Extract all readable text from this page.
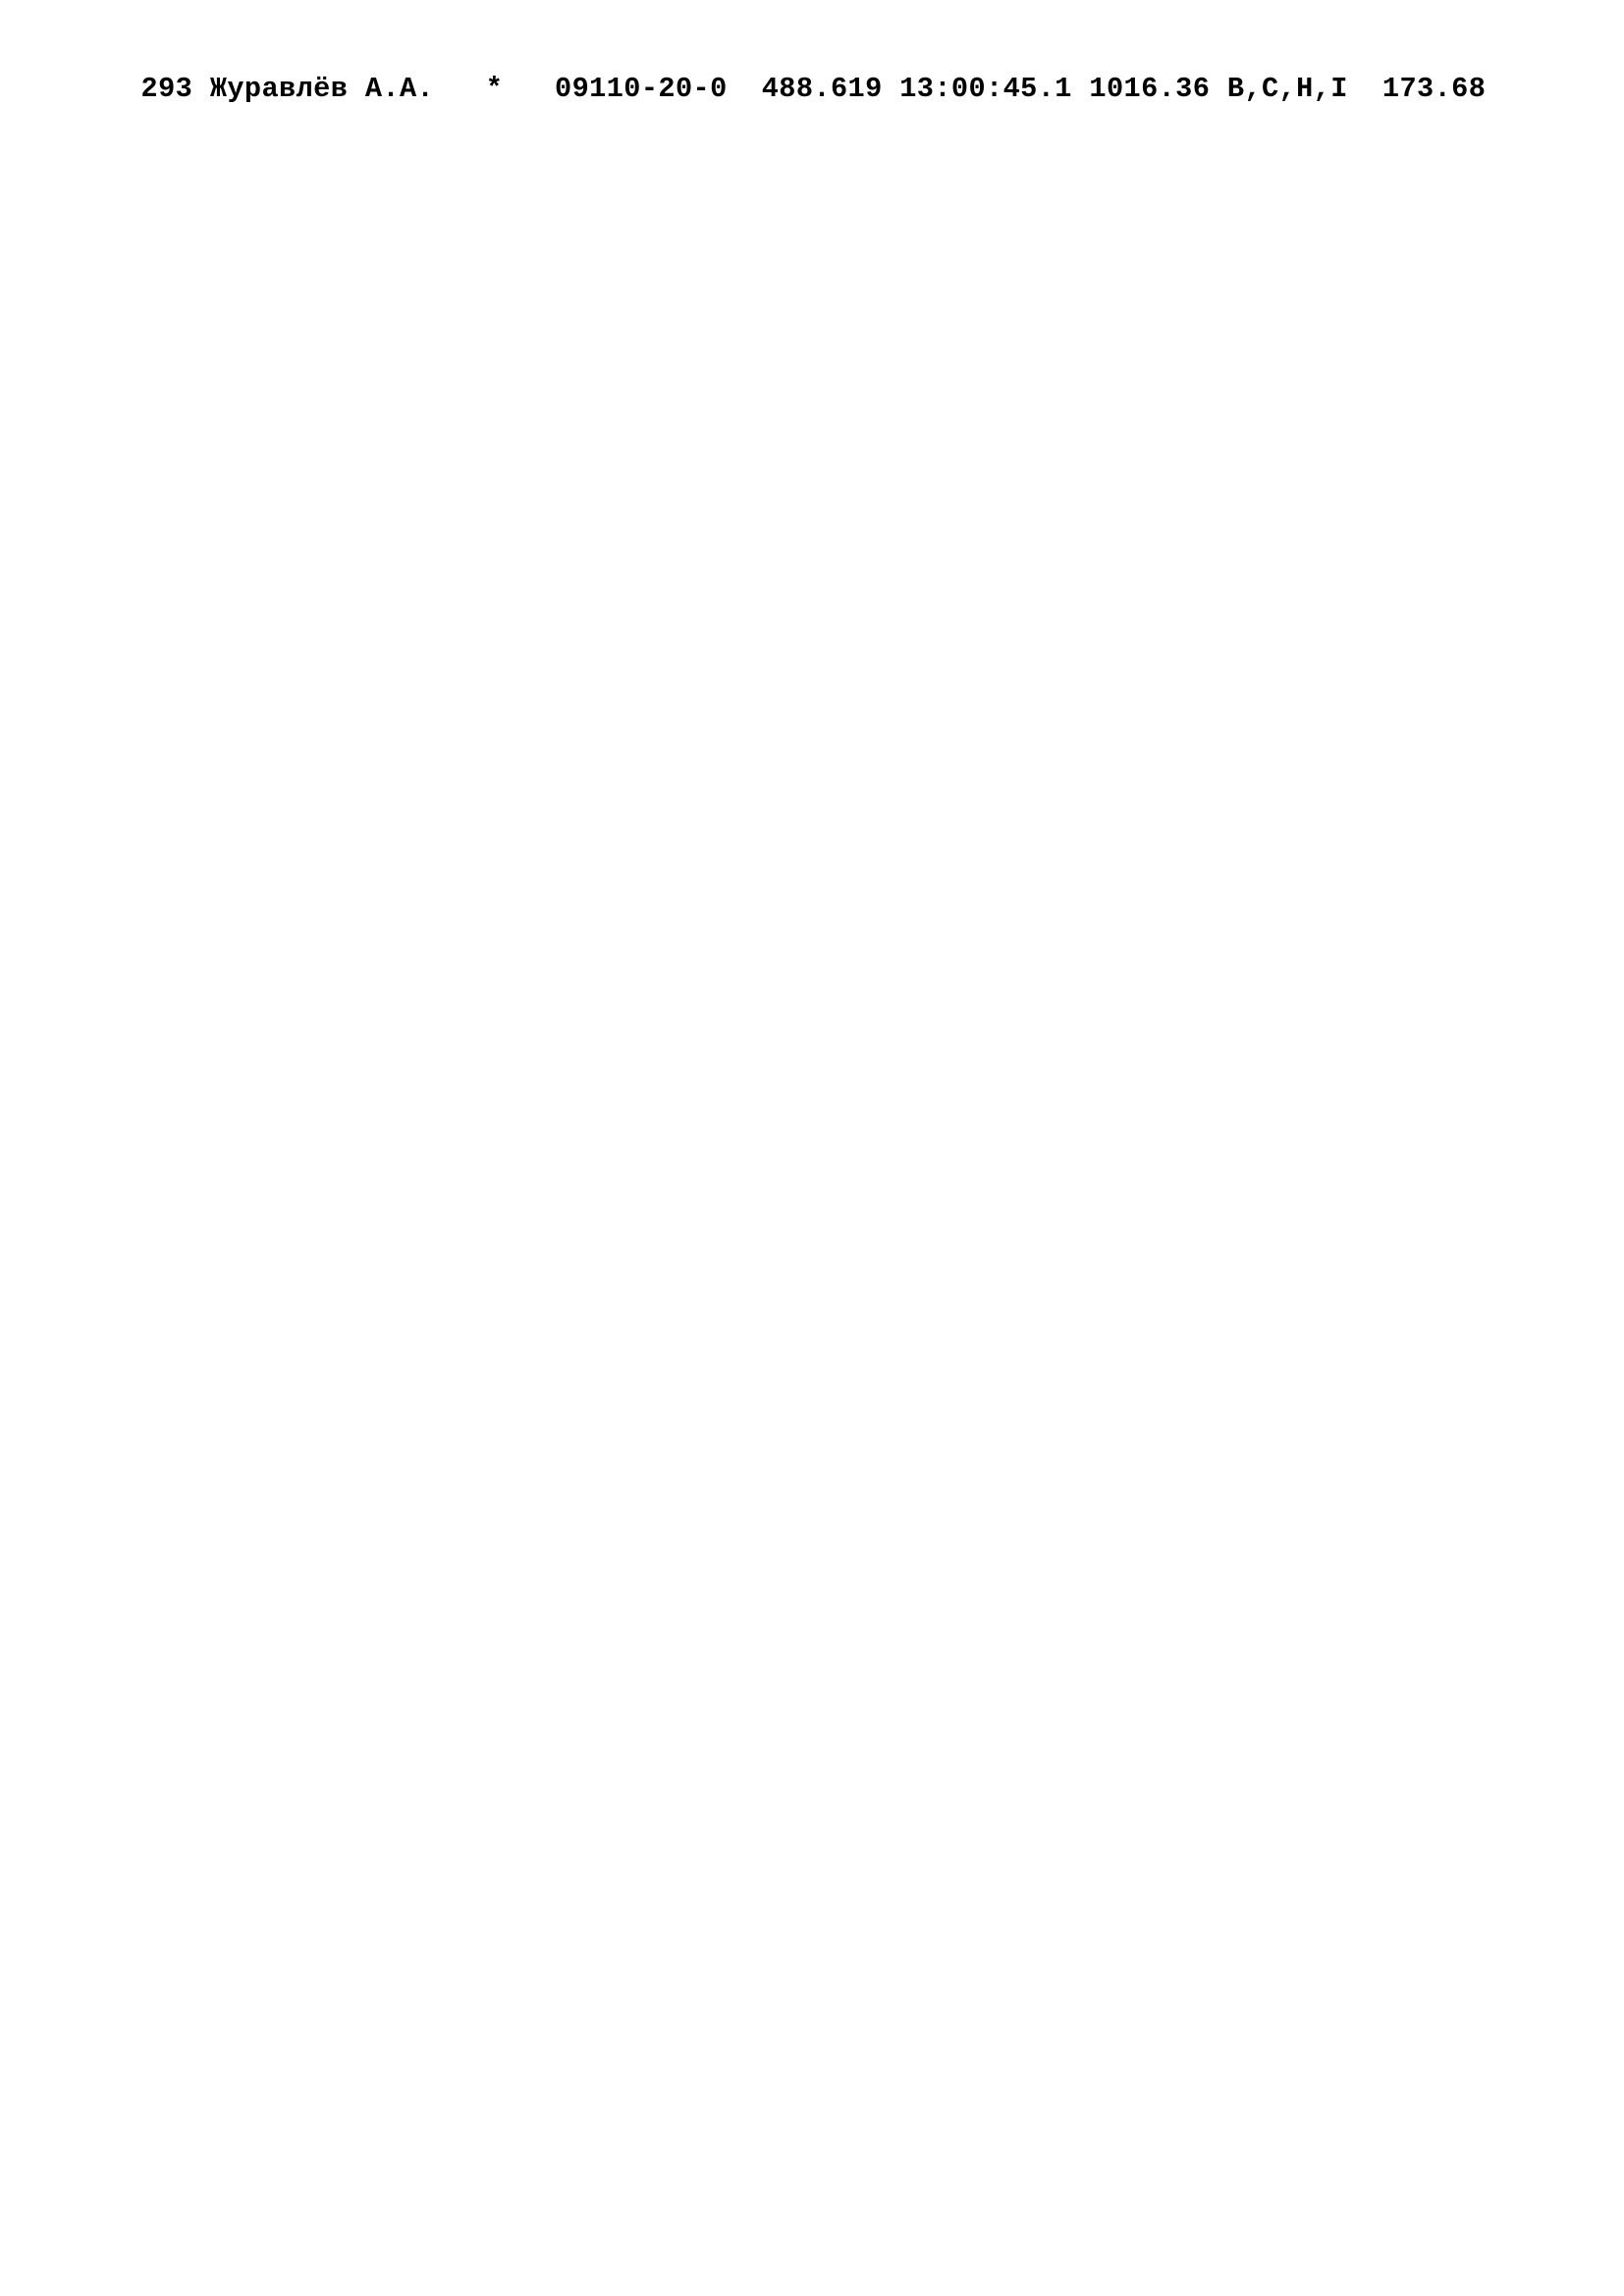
293 Журавлёв А.А. * 09110-20-0 488.619 13:00:45.1 1016.36 B,C,H,I 173.68
